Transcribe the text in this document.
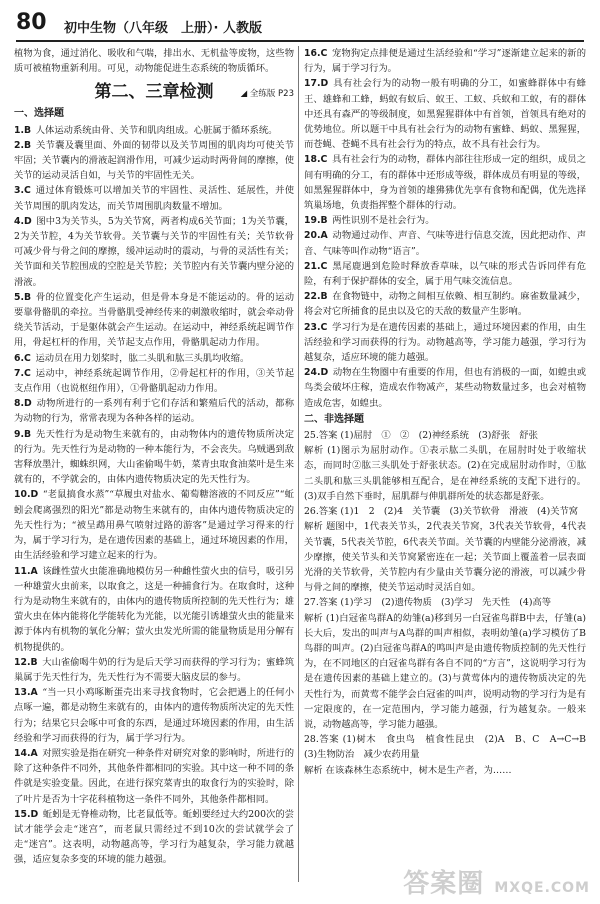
80 初中生物（八年级　上册）· 人教版

植物为食，通过消化、吸收和气喘，排出水、无机盐等废物，这些物质可被植物重新利用。可见，动物能促进生态系统的物质循环。

第二、三章检测	◢ 全练版 P23
一、选择题

1.B  人体运动系统由骨、关节和肌肉组成。心脏属于循环系统。

2.B  关节囊及囊里面、外面的韧带以及关节周围的肌肉均可使关节牢固；关节囊内的滑液起润滑作用，可减少运动时两骨间的摩擦，使关节的运动灵活自如，与关节的牢固性无关。

3.C  通过体育锻炼可以增加关节的牢固性、灵活性、延展性，并使关节周围的肌肉发达，而关节周围肌肉数量不增加。

4.D  图中3为关节头，5为关节窝，两者构成6关节面；1为关节囊，2为关节腔，4为关节软骨。关节囊与关节的牢固性有关；关节软骨可减少骨与骨之间的摩擦，缓冲运动时的震动，与骨的灵活性有关；关节面和关节腔围成的空腔是关节腔；关节腔内有关节囊内壁分泌的滑液。

5.B  骨的位置变化产生运动，但是骨本身是不能运动的。骨的运动要靠骨骼肌的牵拉。当骨骼肌受神经传来的刺激收缩时，就会牵动骨绕关节活动，于是躯体就会产生运动。在运动中，神经系统起调节作用，骨起杠杆的作用，关节起支点作用，骨骼肌起动力作用。

6.C  运动员在用力划桨时，肱二头肌和肱三头肌均收缩。

7.C  运动中，神经系统起调节作用，②骨起杠杆的作用，③关节起支点作用（也说枢纽作用），①骨骼肌起动力作用。

8.D  动物所进行的一系列有利于它们存活和繁殖后代的活动，都称为动物的行为，常常表现为各种各样的运动。

9.B  先天性行为是动物生来就有的，由动物体内的遗传物质所决定的行为。先天性行为是动物的一种本能行为，不会丧失。乌贼遇到敌害释放墨汁，蜘蛛织网，大山雀偷喝牛奶，菜青虫取食油菜叶是生来就有的，不学就会的，由体内遗传物质决定的先天性行为。

10.D  “老鼠搞食水蒸”“草履虫对盐水、葡萄糖溶液的不同反应”“蚯蚓会爬离强烈的阳光”都是动物生来就有的，由体内遗传物质决定的先天性行为；“被呈鹉用鼻气喷射过路的游客”是通过学习得来的行为，属于学习行为，是在遗传因素的基础上，通过环境因素的作用，由生活经验和学习建立起来的行为。

11.A  该雌性萤火虫能准确地模仿另一种雌性萤火虫的信号，吸引另一种雄萤火虫前来，以取食之，这是一种捕食行为。在取食时，这种行为是动物生来就有的，由体内的遗传物质所控制的先天性行为；雄萤火虫在体内能将化学能转化为光能，以光能引诱雄萤火虫的能量来源于体内有机物的氧化分解；萤火虫发光所需的能量物质是用分解有机物提供的。

12.B  大山雀偷喝牛奶的行为是后天学习而获得的学习行为；蜜蜂筑巢属于先天性行为，先天性行为不需要大脑皮层的参与。

13.A  “当一只小鸡啄断蛋壳出来寻找食物时，它会把遇上的任何小点啄一遍，都是动物生来就有的，由体内的遗传物质所决定的先天性行为；结果它只会啄中可食的东西，是通过环境因素的作用，由生活经验和学习而获得的行为，属于学习行为。

14.A  对照实验是指在研究一种条件对研究对象的影响时，所进行的除了这种条件不同外，其他条件都相同的实验。其中这一种不同的条件就是实验变量。因此，在进行探究菜青虫的取食行为的实验时，除了叶片是否为十字花科植物这一条件不同外，其他条件都相同。

15.D  蚯蚓是无脊椎动物，比老鼠低等。蚯蚓要经过大约200次的尝试才能学会走“迷宫”，而老鼠只需经过不到10次的尝试就学会了走“迷宫”。这表明，动物越高等，学习行为越复杂，学习能力就越强，适应复杂多变的环境的能力越强。

16.C  宠物狗定点排便是通过生活经验和“学习”逐渐建立起来的新的行为，属于学习行为。

17.D  具有社会行为的动物一般有明确的分工，如蜜蜂群体中有蜂王、雄蜂和工蜂，蚂蚁有蚁后、蚁王、工蚁、兵蚁和工蚁，有的群体中还具有森严的等级制度，如黑猩猩群体中有首领，首领具有绝对的优势地位。所以题干中具有社会行为的动物有蜜蜂、蚂蚁、黑猩猩，而苍蝇、苍蝇不具有社会行为的特点，故不具有社会行为。

18.C  具有社会行为的动物，群体内部往往形成一定的组织，成员之间有明确的分工，有的群体中还形成等级，群体成员有明显的等级，如黑猩猩群体中，身为首领的雄狒狒优先享有食物和配偶，优先选择筑巢场地，负责指挥整个群体的行动。

19.B  两性识别不是社会行为。

20.A  动物通过动作、声音、气味等进行信息交流，因此把动作、声音、气味等叫作动物“语言”。

21.C  黑尾鹿遇到危险时释放香草味，以气味的形式告诉同伴有危险，有利于保护群体的安全，属于用气味交流信息。

22.B  在食物链中，动物之间相互依赖、相互制约。麻雀数量减少，将会对它所捕食的昆虫以及它的天敌的数量产生影响。

23.C  学习行为是在遗传因素的基础上，通过环境因素的作用，由生活经验和学习而获得的行为。动物越高等，学习能力越强，学习行为越复杂，适应环境的能力越强。

24.D  动物在生物圈中有重要的作用，但也有消极的一面，如蝗虫或鸟类会破坏庄稼，造成农作物减产，某些动物数量过多，也会对植物造成危害，如蝗虫。

二、非选择题

25.答案 (1)屈肘　①　②　(2)神经系统　(3)舒张　舒张

解析 (1)图示为屈肘动作。①表示肱二头肌，在屈肘时处于收缩状态，而同时②肱三头肌处于舒张状态。(2)在完成屈肘动作时，①肱二头肌和肱三头肌能够相互配合，是在神经系统的支配下进行的。(3)双手自然下垂时，屈肌群与伸肌群所处的状态都是舒张。

26.答案 (1)1　2　(2)4　关节囊　(3)关节软骨　滑液　(4)关节窝

解析 题图中，1代表关节头，2代表关节窝，3代表关节软骨，4代表关节囊，5代表关节腔，6代表关节面。关节囊的内壁能分泌滑液，减少摩擦，使关节头和关节窝紧密连在一起；关节面上覆盖着一层表面光滑的关节软骨，关节腔内有少量由关节囊分泌的滑液，可以减少骨与骨之间的摩擦，使关节运动时灵活自如。

27.答案 (1)学习　(2)遗传物质　(3)学习　先天性　(4)高等

解析 (1)白冠雀鸟群A的幼雏(a)移到另一白冠雀鸟群B中去，仔雏(a)长大后，发出的叫声与A鸟群的叫声相似，表明幼雏(a)学习模仿了B鸟群的叫声。(2)白冠雀鸟群A的鸣叫声是由遗传物质控制的先天性行为，在不同地区的白冠雀鸟群有各自不同的“方言”，这说明学习行为是在遗传因素的基础上建立的。(3)与黄莺体内的遗传物质决定的先天性行为，而黄莺不能学会白冠雀的叫声，说明动物的学习行为是有一定限度的，在一定范围内，学习能力越强，行为越复杂。一般来说，动物越高等，学习能力越强。

28.答案 (1)树木　食虫鸟　植食性昆虫　(2)A　B、C　A→C→B　(3)生物防治　减少农药用量

解析 在该森林生态系统中，树木是生产者，为……

答案圈 MXQE.COM
